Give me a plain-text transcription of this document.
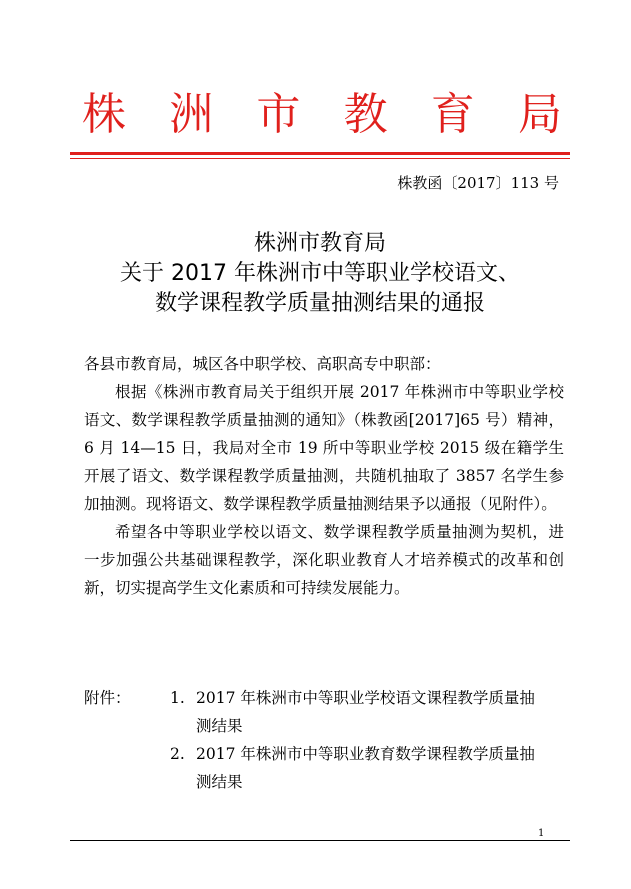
株 洲 市 教 育 局
株教函〔2017〕113 号
株洲市教育局
关于 2017 年株洲市中等职业学校语文、
数学课程教学质量抽测结果的通报

各县市教育局，城区各中职学校、高职高专中职部：

根据《株洲市教育局关于组织开展 2017 年株洲市中等职业学校语文、数学课程教学质量抽测的通知》（株教函[2017]65 号）精神，6 月 14—15 日，我局对全市 19 所中等职业学校 2015 级在籍学生开展了语文、数学课程教学质量抽测，共随机抽取了 3857 名学生参加抽测。现将语文、数学课程教学质量抽测结果予以通报（见附件）。

希望各中等职业学校以语文、数学课程教学质量抽测为契机，进一步加强公共基础课程教学，深化职业教育人才培养模式的改革和创新，切实提高学生文化素质和可持续发展能力。

附件：	1. 2017 年株洲市中等职业学校语文课程教学质量抽测结果
2. 2017 年株洲市中等职业教育数学课程教学质量抽测结果
1
